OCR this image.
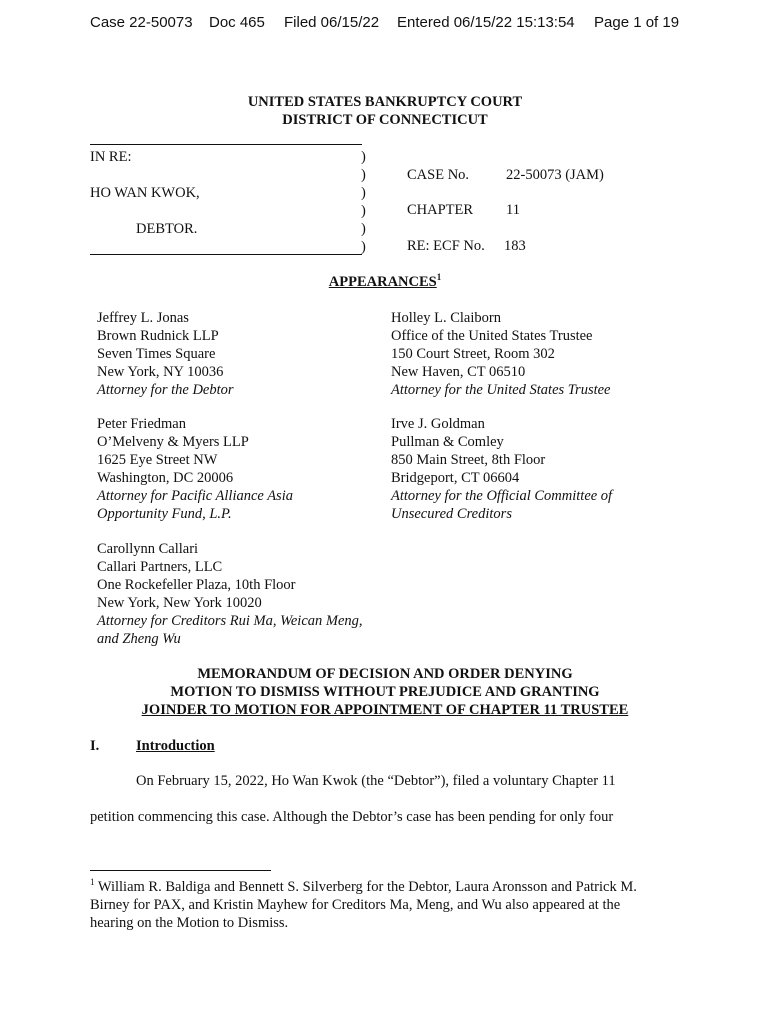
Case 22-50073 Doc 465 Filed 06/15/22 Entered 06/15/22 15:13:54 Page 1 of 19
UNITED STATES BANKRUPTCY COURT
DISTRICT OF CONNECTICUT
IN RE:
HO WAN KWOK,
DEBTOR.
)
)
)
)
)
)
CASE No.	22-50073 (JAM)
CHAPTER 11
RE: ECF No. 183
APPEARANCES$^1$
Jeffrey L. Jonas
Brown Rudnick LLP
Seven Times Square
New York, NY 10036
Attorney for the Debtor
Peter Friedman
O’Melveny & Myers LLP
1625 Eye Street NW
Washington, DC 20006
Attorney for Pacific Alliance Asia
Opportunity Fund, L.P.
Carollynn Callari
Callari Partners, LLC
One Rockefeller Plaza, 10th Floor
New York, New York 10020
Attorney for Creditors Rui Ma, Weican Meng,
and Zheng Wu
Holley L. Claiborn
Office of the United States Trustee
150 Court Street, Room 302
New Haven, CT 06510
Attorney for the United States Trustee
Irve J. Goldman
Pullman & Comley
850 Main Street, 8th Floor
Bridgeport, CT 06604
Attorney for the Official Committee of
Unsecured Creditors
MEMORANDUM OF DECISION AND ORDER DENYING
MOTION TO DISMISS WITHOUT PREJUDICE AND GRANTING
JOINDER TO MOTION FOR APPOINTMENT OF CHAPTER 11 TRUSTEE
I.	Introduction
On February 15, 2022, Ho Wan Kwok (the “Debtor”), filed a voluntary Chapter 11
petition commencing this case. Although the Debtor’s case has been pending for only four
$^1$ William R. Baldiga and Bennett S. Silverberg for the Debtor, Laura Aronsson and Patrick M.
Birney for PAX, and Kristin Mayhew for Creditors Ma, Meng, and Wu also appeared at the
hearing on the Motion to Dismiss.
